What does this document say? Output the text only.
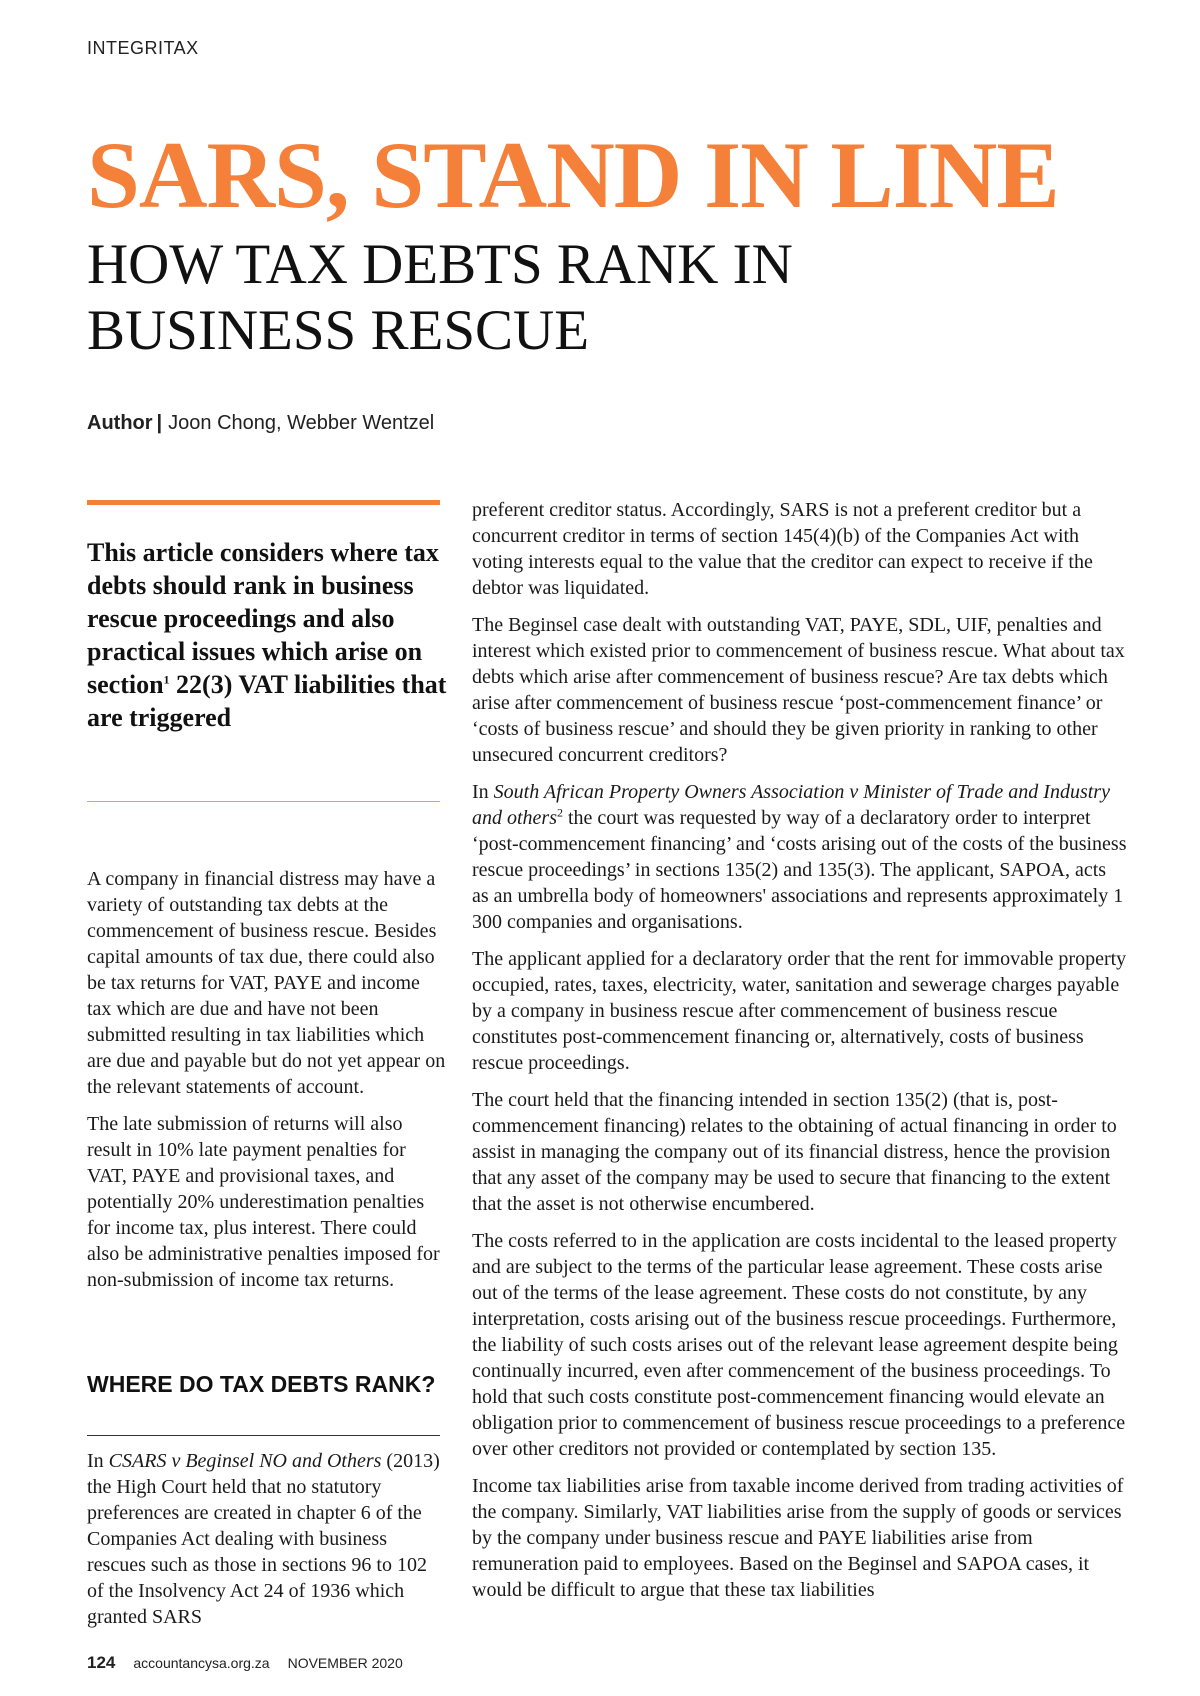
INTEGRITAX
SARS, STAND IN LINE
HOW TAX DEBTS RANK IN
BUSINESS RESCUE
Author | Joon Chong, Webber Wentzel
This article considers where tax debts should rank in business rescue proceedings and also practical issues which arise on section$^1$ 22(3) VAT liabilities that are triggered

A company in financial distress may have a variety of outstanding tax debts at the commencement of business rescue. Besides capital amounts of tax due, there could also be tax returns for VAT, PAYE and income tax which are due and have not been submitted resulting in tax liabilities which are due and payable but do not yet appear on the relevant statements of account.

The late submission of returns will also result in 10% late payment penalties for VAT, PAYE and provisional taxes, and potentially 20% underestimation penalties for income tax, plus interest. There could also be administrative penalties imposed for non-submission of income tax returns.

WHERE DO TAX DEBTS RANK?

In CSARS v Beginsel NO and Others (2013) the High Court held that no statutory preferences are created in chapter 6 of the Companies Act dealing with business rescues such as those in sections 96 to 102 of the Insolvency Act 24 of 1936 which granted SARS

preferent creditor status. Accordingly, SARS is not a preferent creditor but a concurrent creditor in terms of section 145(4)(b) of the Companies Act with voting interests equal to the value that the creditor can expect to receive if the debtor was liquidated.

The Beginsel case dealt with outstanding VAT, PAYE, SDL, UIF, penalties and interest which existed prior to commencement of business rescue. What about tax debts which arise after commencement of business rescue? Are tax debts which arise after commencement of business rescue ‘post-commencement finance’ or ‘costs of business rescue’ and should they be given priority in ranking to other unsecured concurrent creditors?

In South African Property Owners Association v Minister of Trade and Industry and others$^2$ the court was requested by way of a declaratory order to interpret ‘post-commencement financing’ and ‘costs arising out of the costs of the business rescue proceedings’ in sections 135(2) and 135(3). The applicant, SAPOA, acts as an umbrella body of homeowners' associations and represents approximately 1 300 companies and organisations.

The applicant applied for a declaratory order that the rent for immovable property occupied, rates, taxes, electricity, water, sanitation and sewerage charges payable by a company in business rescue after commencement of business rescue constitutes post-commencement financing or, alternatively, costs of business rescue proceedings.

The court held that the financing intended in section 135(2) (that is, post-commencement financing) relates to the obtaining of actual financing in order to assist in managing the company out of its financial distress, hence the provision that any asset of the company may be used to secure that financing to the extent that the asset is not otherwise encumbered.

The costs referred to in the application are costs incidental to the leased property and are subject to the terms of the particular lease agreement. These costs arise out of the terms of the lease agreement. These costs do not constitute, by any interpretation, costs arising out of the business rescue proceedings. Furthermore, the liability of such costs arises out of the relevant lease agreement despite being continually incurred, even after commencement of the business proceedings. To hold that such costs constitute post-commencement financing would elevate an obligation prior to commencement of business rescue proceedings to a preference over other creditors not provided or contemplated by section 135.

Income tax liabilities arise from taxable income derived from trading activities of the company. Similarly, VAT liabilities arise from the supply of goods or services by the company under business rescue and PAYE liabilities arise from remuneration paid to employees. Based on the Beginsel and SAPOA cases, it would be difficult to argue that these tax liabilities

124 accountancysa.org.za NOVEMBER 2020
